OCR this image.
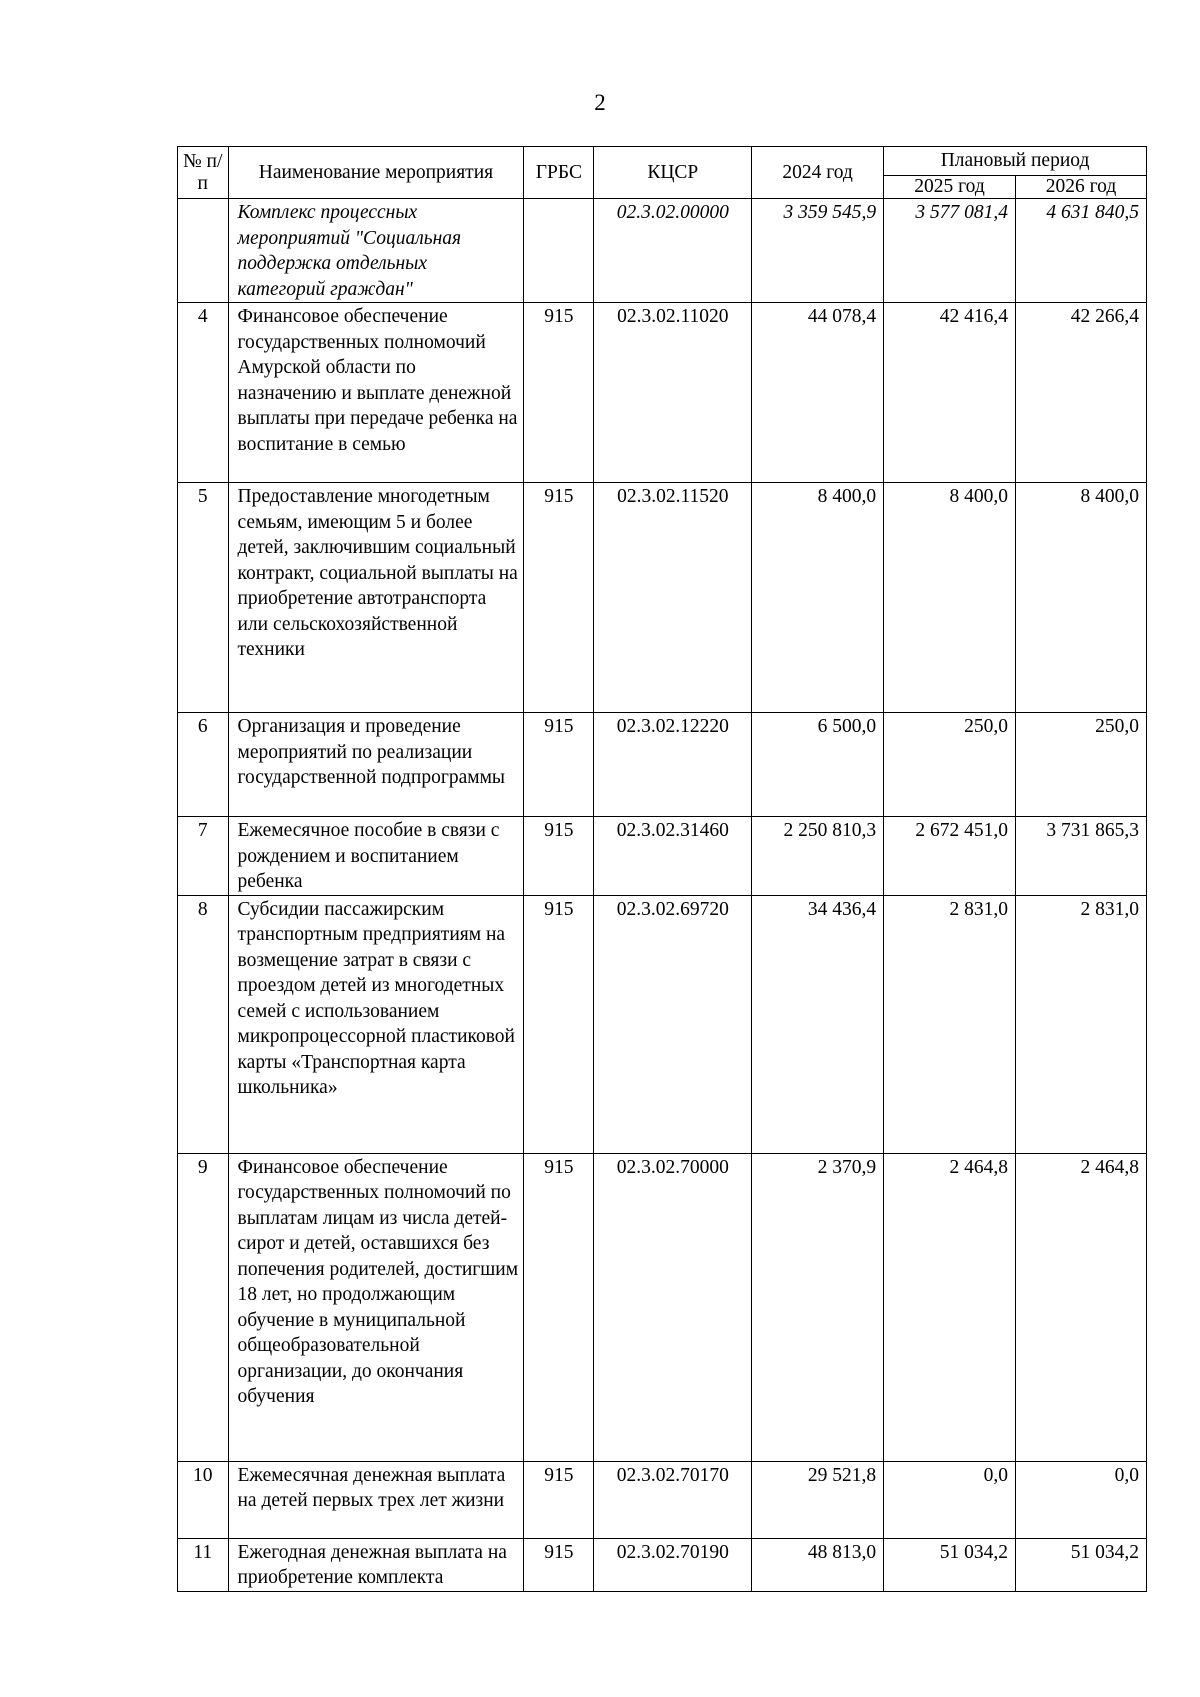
2
№ п/п	Наименование мероприятия	ГРБС	КЦСР	2024 год	Плановый период	
					2025 год	2026 год
	Комплекс процессных мероприятий "Социальная поддержка отдельных категорий граждан"		02.3.02.00000	3 359 545,9	3 577 081,4	4 631 840,5
4	Финансовое обеспечение государственных полномочий Амурской области по назначению и выплате денежной выплаты при передаче ребенка на воспитание в семью	915	02.3.02.11020	44 078,4	42 416,4	42 266,4
5	Предоставление многодетным семьям, имеющим 5 и более детей, заключившим социальный контракт, социальной выплаты на приобретение автотранспорта или сельскохозяйственной техники	915	02.3.02.11520	8 400,0	8 400,0	8 400,0
6	Организация и проведение мероприятий по реализации государственной подпрограммы	915	02.3.02.12220	6 500,0	250,0	250,0
7	Ежемесячное пособие в связи с рождением и воспитанием ребенка	915	02.3.02.31460	2 250 810,3	2 672 451,0	3 731 865,3
8	Субсидии пассажирским транспортным предприятиям на возмещение затрат в связи с проездом детей из многодетных семей с использованием микропроцессорной пластиковой карты «Транспортная карта школьника»	915	02.3.02.69720	34 436,4	2 831,0	2 831,0
9	Финансовое обеспечение государственных полномочий по выплатам лицам из числа детей-сирот и детей, оставшихся без попечения родителей, достигшим 18 лет, но продолжающим обучение в муниципальной общеобразовательной организации, до окончания обучения	915	02.3.02.70000	2 370,9	2 464,8	2 464,8
10	Ежемесячная денежная выплата на детей первых трех лет жизни	915	02.3.02.70170	29 521,8	0,0	0,0
11	Ежегодная денежная выплата на приобретение комплекта	915	02.3.02.70190	48 813,0	51 034,2	51 034,2
